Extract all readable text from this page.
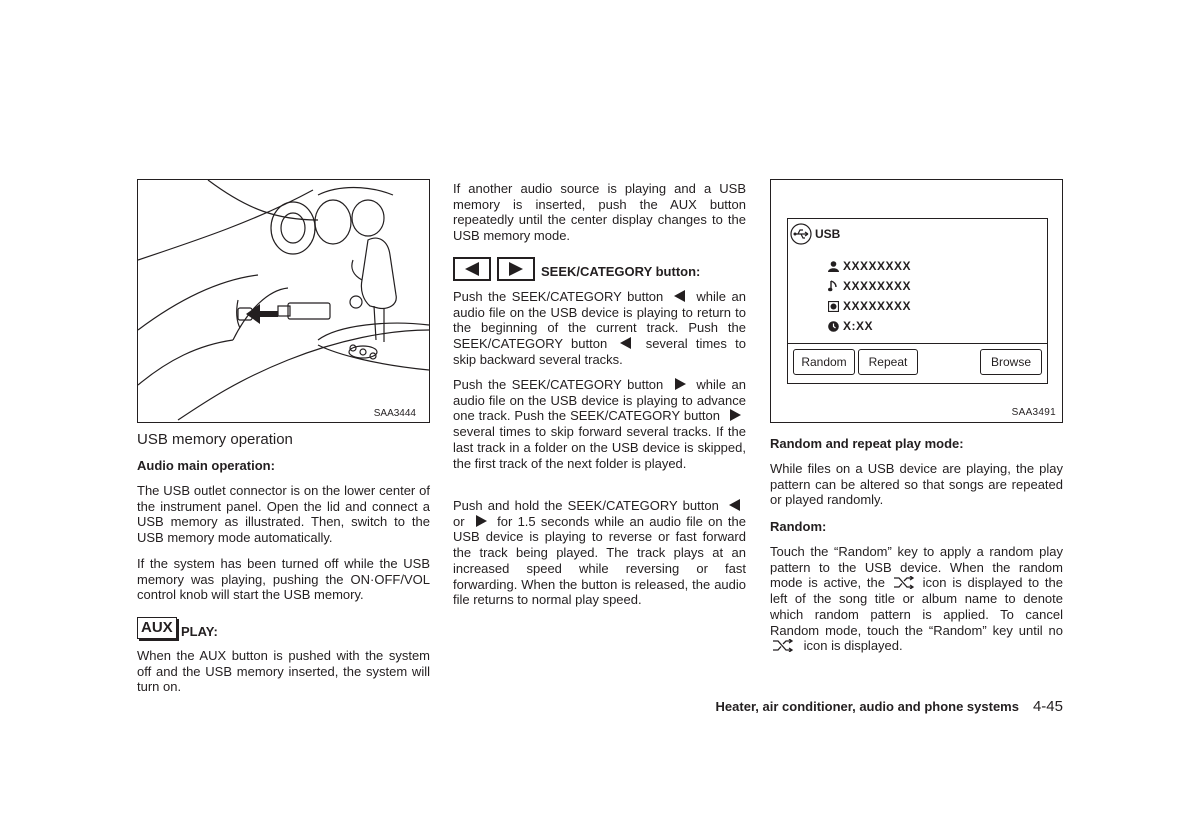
SAA3444
USB memory operation

Audio main operation:

The USB outlet connector is on the lower center of the instrument panel. Open the lid and connect a USB memory as illustrated. Then, switch to the USB memory mode automatically.

If the system has been turned off while the USB memory was playing, pushing the ON·OFF/VOL control knob will start the USB memory.

AUX PLAY:

When the AUX button is pushed with the system off and the USB memory inserted, the system will turn on.

If another audio source is playing and a USB memory is inserted, push the AUX button repeatedly until the center display changes to the USB memory mode.

SEEK/CATEGORY button:

Push the SEEK/CATEGORY button	while an audio file on the USB device is playing to return to the beginning of the current track. Push the SEEK/CATEGORY button	several times to skip backward several tracks.

Push the SEEK/CATEGORY button	while an audio file on the USB device is playing to advance one track. Push the SEEK/CATEGORY button  several times to skip forward several tracks. If the last track in a folder on the USB device is skipped, the first track of the next folder is played.

Push and hold the SEEK/CATEGORY button  or	for 1.5 seconds while an audio file on the USB device is playing to reverse or fast forward the track being played. The track plays at an increased speed while reversing or fast forwarding. When the button is released, the audio file returns to normal play speed.

USB
XXXXXXXX
XXXXXXXX
XXXXXXXX
X:XX
Random	Repeat	Browse
SAA3491

Random and repeat play mode:

While files on a USB device are playing, the play pattern can be altered so that songs are repeated or played randomly.

Random:

Touch the “Random” key to apply a random play pattern to the USB device. When the random mode is active, the	icon is displayed to the left of the song title or album name to denote which random pattern is applied. To cancel Random mode, touch the “Random” key until no  icon is displayed.

Heater, air conditioner, audio and phone systems 4-45
